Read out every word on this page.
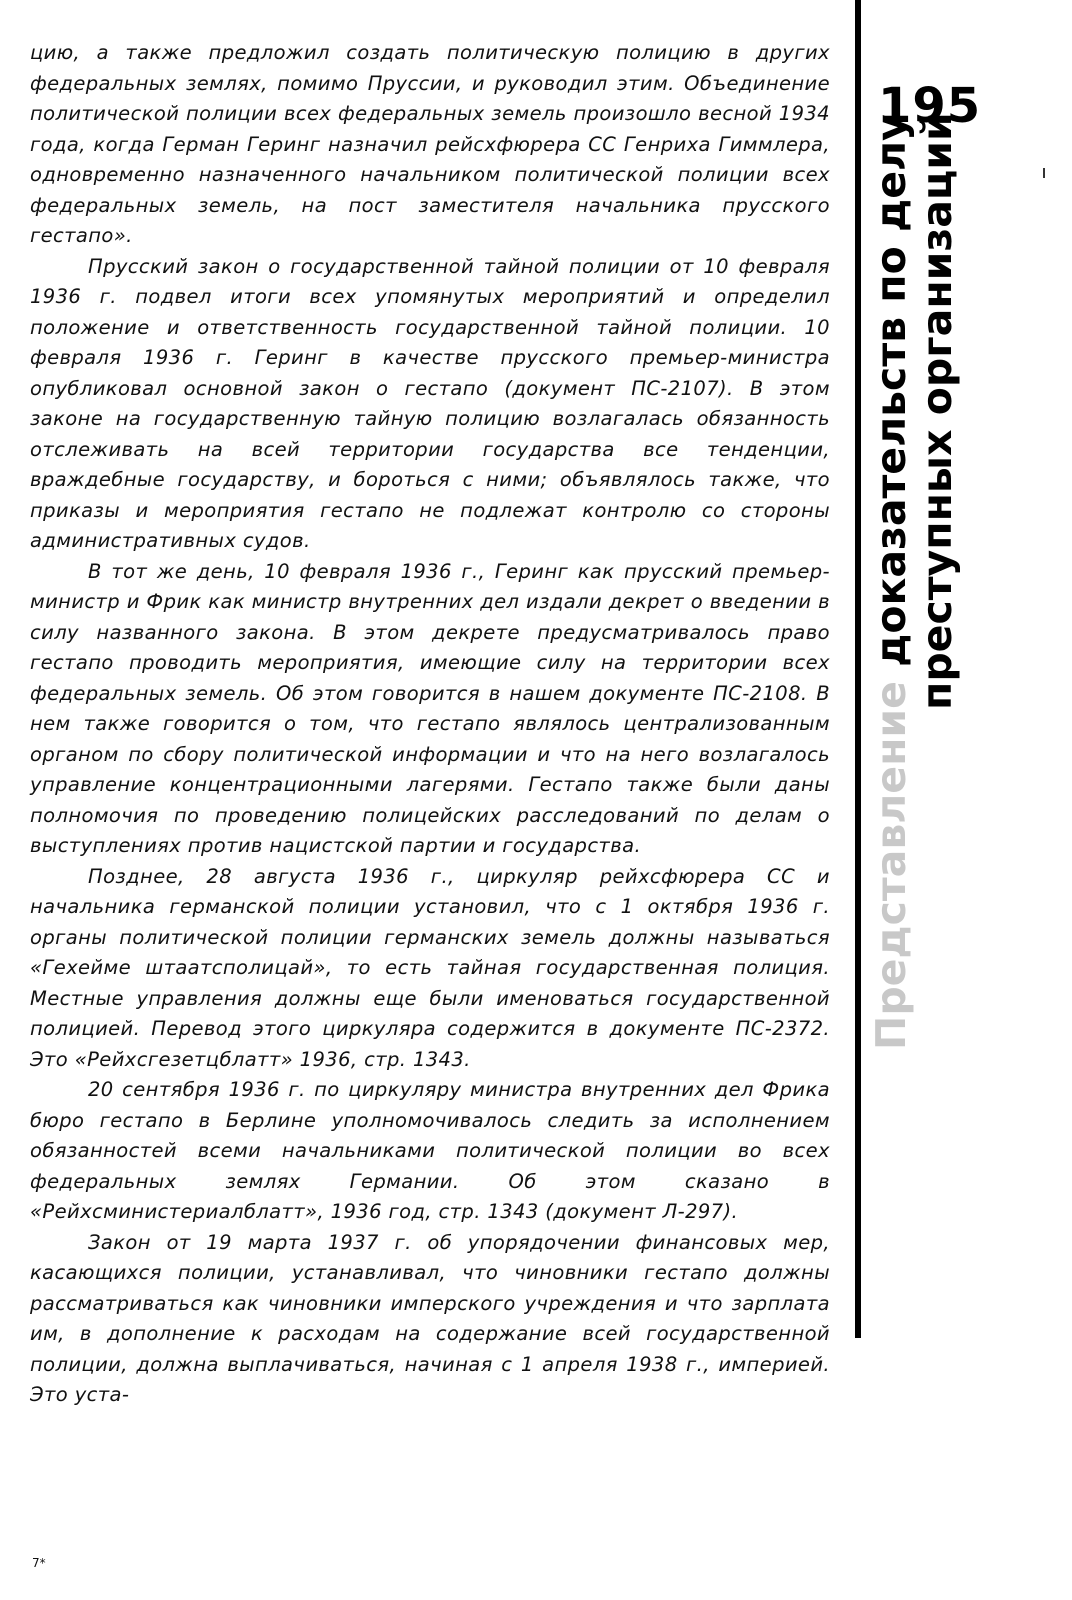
цию, а также предложил создать политическую полицию в других федеральных землях, помимо Пруссии, и руководил этим. Объединение политической полиции всех федеральных земель произошло весной 1934 года, когда Герман Геринг назначил рейсхфюрера СС Генриха Гиммлера, одновременно назначенного начальником политической полиции всех федеральных земель, на пост заместителя начальника прусского гестапо».

Прусский закон о государственной тайной полиции от 10 февраля 1936 г. подвел итоги всех упомянутых мероприятий и определил положение и ответственность государственной тайной полиции. 10 февраля 1936 г. Геринг в качестве прусского премьер-министра опубликовал основной закон о гестапо (документ ПС-2107). В этом законе на государственную тайную полицию возлагалась обязанность отслеживать на всей территории государства все тенденции, враждебные государству, и бороться с ними; объявлялось также, что приказы и мероприятия гестапо не подлежат контролю со стороны административных судов.

В тот же день, 10 февраля 1936 г., Геринг как прусский премьер-министр и Фрик как министр внутренних дел издали декрет о введении в силу названного закона. В этом декрете предусматривалось право гестапо проводить мероприятия, имеющие силу на территории всех федеральных земель. Об этом говорится в нашем документе ПС-2108. В нем также говорится о том, что гестапо являлось централизованным органом по сбору политической информации и что на него возлагалось управление концентрационными лагерями. Гестапо также были даны полномочия по проведению полицейских расследований по делам о выступлениях против нацистской партии и государства.

Позднее, 28 августа 1936 г., циркуляр рейхсфюрера СС и начальника германской полиции установил, что с 1 октября 1936 г. органы политической полиции германских земель должны называться «Гехейме штаатсполицай», то есть тайная государственная полиция. Местные управления должны еще были именоваться государственной полицией. Перевод этого циркуляра содержится в документе ПС-2372. Это «Рейхсгезетцблатт» 1936, стр. 1343.

20 сентября 1936 г. по циркуляру министра внутренних дел Фрика бюро гестапо в Берлине уполномочивалось следить за исполнением обязанностей всеми начальниками политической полиции во всех федеральных землях Германии. Об этом сказано в «Рейхсминистериалблатт», 1936 год, стр. 1343 (документ Л-297).

Закон от 19 марта 1937 г. об упорядочении финансовых мер, касающихся полиции, устанавливал, что чиновники гестапо должны рассматриваться как чиновники имперского учреждения и что зарплата им, в дополнение к расходам на содержание всей государственной полиции, должна выплачиваться, начиная с 1 апреля 1938 г., империей. Это уста-

7*
195
Представление доказательств по делу
преступных организаций
